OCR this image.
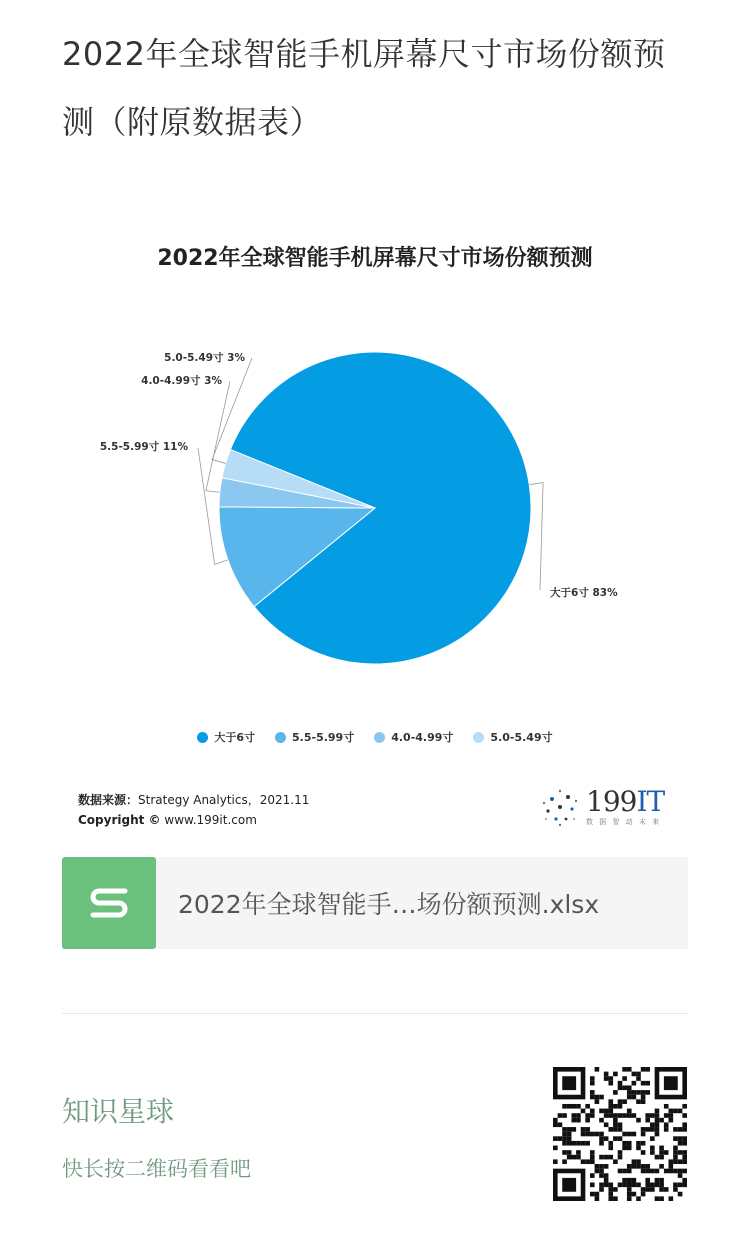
2022年全球智能手机屏幕尺寸市场份额预测（附原数据表）
2022年全球智能手机屏幕尺寸市场份额预测
大于6寸 83%
5.5-5.99寸 11%
4.0-4.99寸 3%
5.0-5.49寸 3%
大于6寸	5.5-5.99寸	4.0-4.99寸	5.0-5.49寸
数据来源：Strategy Analytics，2021.11
Copyright © www.199it.com
199IT
数 据 智 动 未 来
2022年全球智能手…场份额预测.xlsx
知识星球
快长按二维码看看吧
